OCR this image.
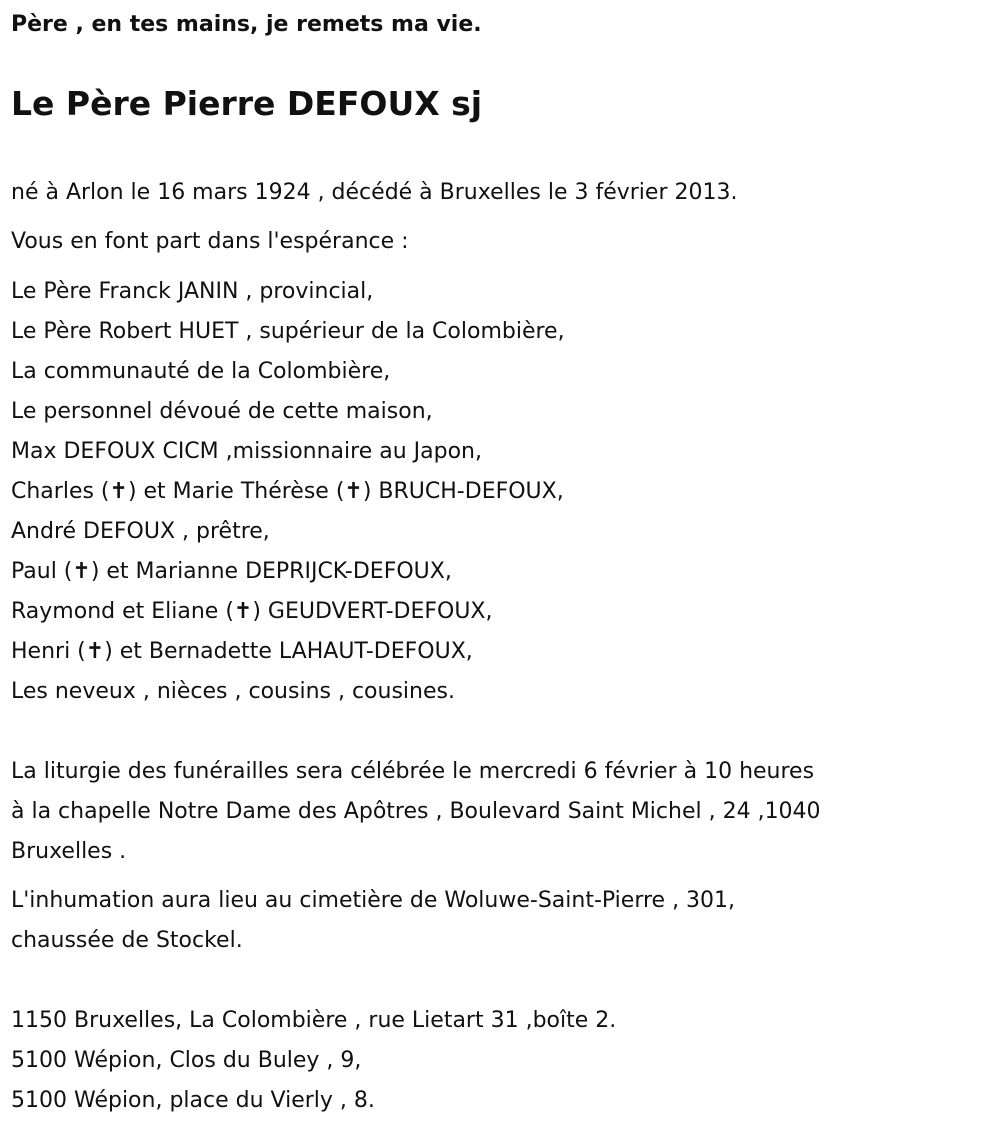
Père , en tes mains, je remets ma vie.

Le Père Pierre DEFOUX sj

né à Arlon le 16 mars 1924 , décédé à Bruxelles le 3 février 2013.

Vous en font part dans l'espérance :

Le Père Franck JANIN , provincial,

Le Père Robert HUET , supérieur de la Colombière,

La communauté de la Colombière,

Le personnel dévoué de cette maison,

Max DEFOUX CICM ,missionnaire au Japon,

Charles (✝) et Marie Thérèse (✝) BRUCH-DEFOUX,

André DEFOUX , prêtre,

Paul (✝) et Marianne DEPRIJCK-DEFOUX,

Raymond et Eliane (✝) GEUDVERT-DEFOUX,

Henri (✝) et Bernadette LAHAUT-DEFOUX,

Les neveux , nièces , cousins , cousines.

La liturgie des funérailles sera célébrée le mercredi 6 février à 10 heures

à la chapelle Notre Dame des Apôtres , Boulevard Saint Michel , 24 ,1040

Bruxelles .

L'inhumation aura lieu au cimetière de Woluwe-Saint-Pierre , 301,

chaussée de Stockel.

1150 Bruxelles, La Colombière , rue Lietart 31 ,boîte 2.

5100 Wépion, Clos du Buley , 9,

5100 Wépion, place du Vierly , 8.
